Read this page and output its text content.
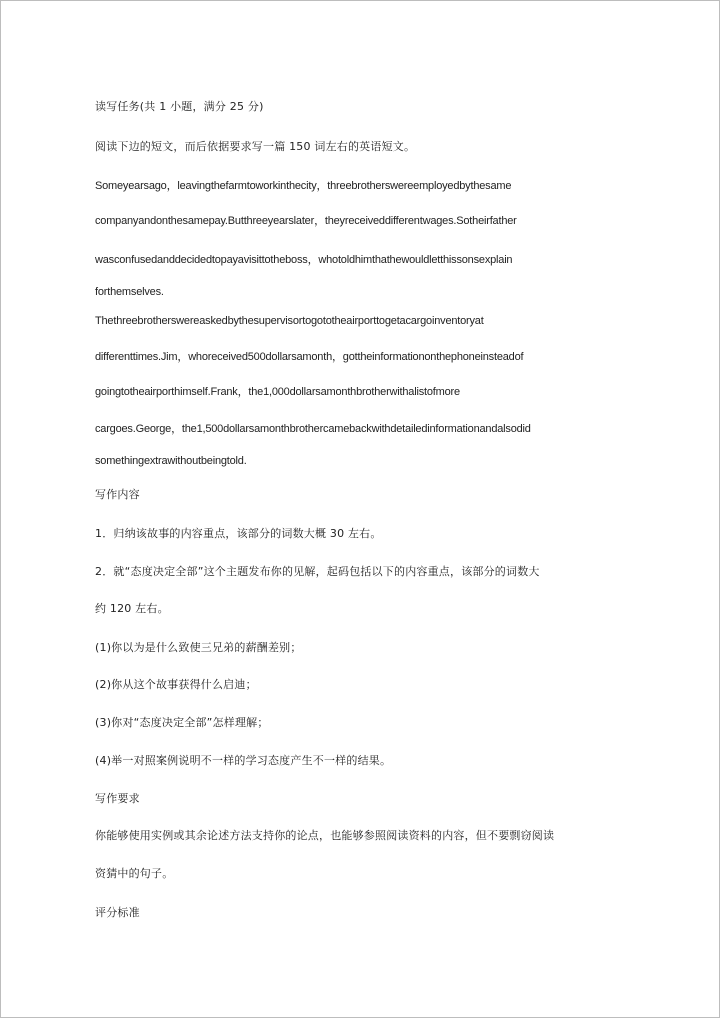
读写任务(共 1 小题，满分 25 分)
阅读下边的短文，而后依据要求写一篇 150 词左右的英语短文。
Someyearsago，leavingthefarmtoworkinthecity，threebrotherswereemployedbythesame
companyandonthesamepay.Butthreeyearslater，theyreceiveddifferentwages.Sotheirfather
wasconfusedanddecidedtopayavisittotheboss，whotoldhimthathewouldletthissonsexplain
forthemselves.
Thethreebrotherswereaskedbythesupervisortogototheairporttogetacargoinventoryat
differenttimes.Jim，whoreceived500dollarsamonth，gottheinformationonthephoneinsteadof
goingtotheairporthimself.Frank，the1,000dollarsamonthbrotherwithalistofmore
cargoes.George，the1,500dollarsamonthbrothercamebackwithdetailedinformationandalsodid
somethingextrawithoutbeingtold.
写作内容
1．归纳该故事的内容重点，该部分的词数大概 30 左右。
2．就“态度决定全部”这个主题发布你的见解，起码包括以下的内容重点，该部分的词数大
约 120 左右。
(1)你以为是什么致使三兄弟的薪酬差别；
(2)你从这个故事获得什么启迪；
(3)你对“态度决定全部”怎样理解；
(4)举一对照案例说明不一样的学习态度产生不一样的结果。
写作要求
你能够使用实例或其余论述方法支持你的论点，也能够参照阅读资料的内容，但不要剽窃阅读
资猜中的句子。
评分标准
